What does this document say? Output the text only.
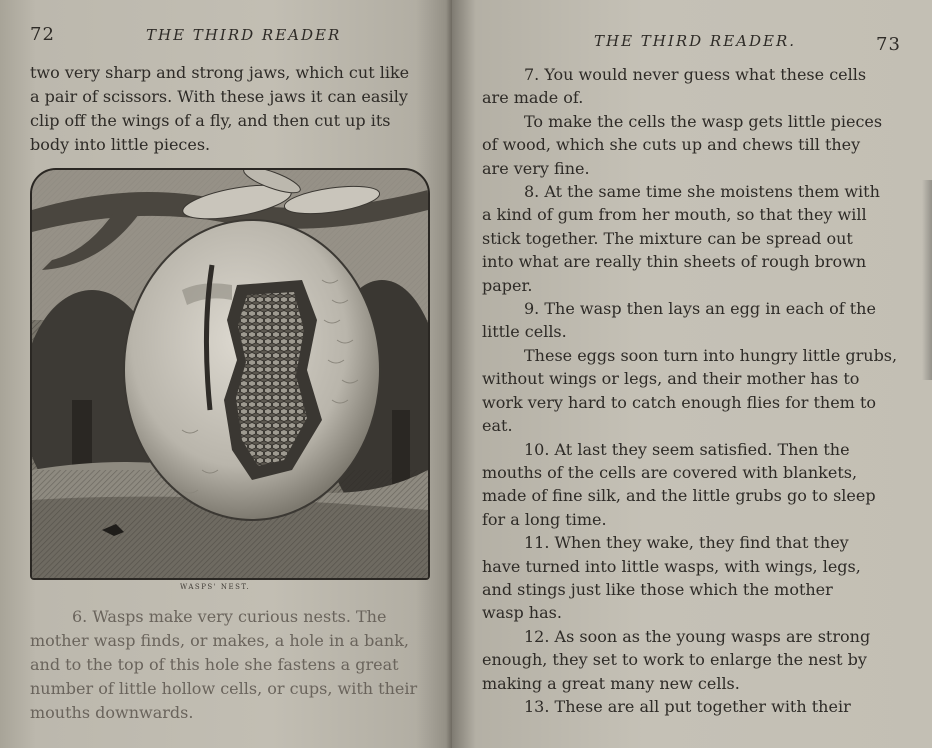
72	THE THIRD READER

two very sharp and strong jaws, which cut like

a pair of scissors. With these jaws it can easily

clip off the wings of a fly, and then cut up its

body into little pieces.

WASPS' NEST.

6. Wasps make very curious nests. The

mother wasp finds, or makes, a hole in a bank,

and to the top of this hole she fastens a great

number of little hollow cells, or cups, with their

mouths downwards.

THE THIRD READER.	73

7. You would never guess what these cells

are made of.

To make the cells the wasp gets little pieces

of wood, which she cuts up and chews till they

are very fine.

8. At the same time she moistens them with

a kind of gum from her mouth, so that they will

stick together. The mixture can be spread out

into what are really thin sheets of rough brown

paper.

9. The wasp then lays an egg in each of the

little cells.

These eggs soon turn into hungry little grubs,

without wings or legs, and their mother has to

work very hard to catch enough flies for them to

eat.

10. At last they seem satisfied. Then the

mouths of the cells are covered with blankets,

made of fine silk, and the little grubs go to sleep

for a long time.

11. When they wake, they find that they

have turned into little wasps, with wings, legs,

and stings just like those which the mother

wasp has.

12. As soon as the young wasps are strong

enough, they set to work to enlarge the nest by

making a great many new cells.

13. These are all put together with their
